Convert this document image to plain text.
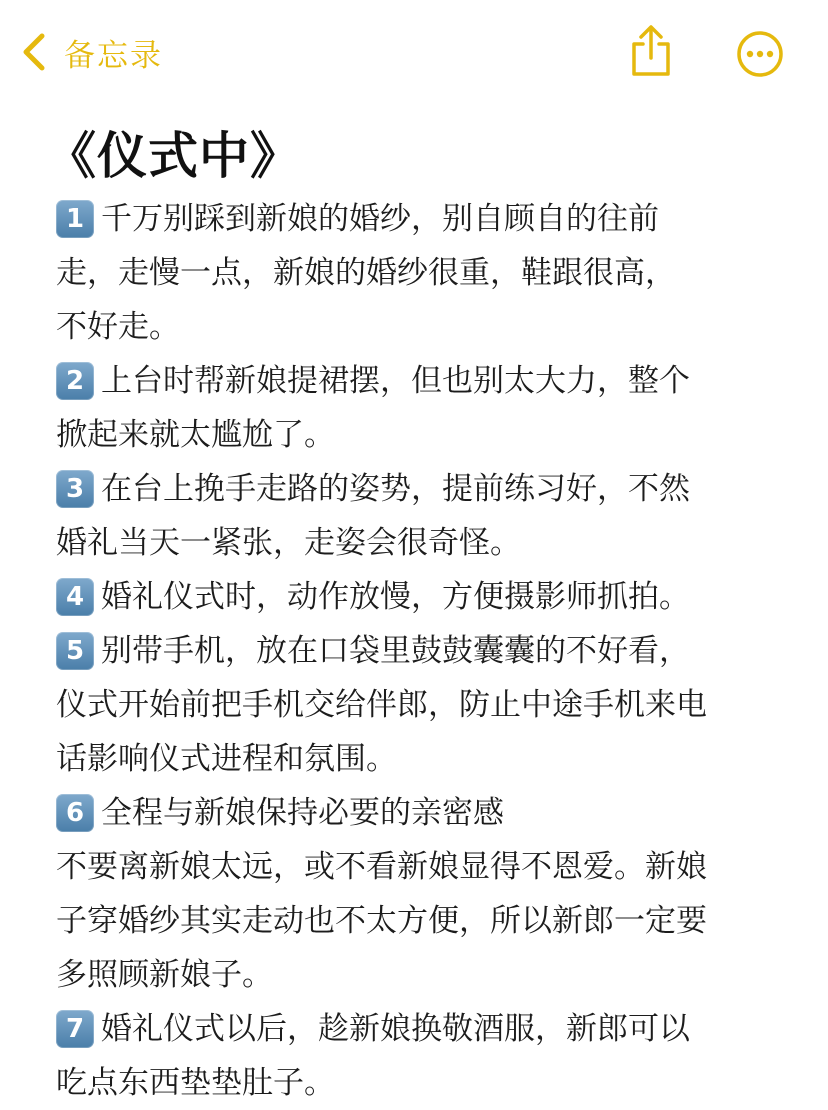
备忘录
《仪式中》
1 千万别踩到新娘的婚纱，别自顾自的往前
走，走慢一点，新娘的婚纱很重，鞋跟很高，
不好走。
2 上台时帮新娘提裙摆，但也别太大力，整个
掀起来就太尴尬了。
3 在台上挽手走路的姿势，提前练习好，不然
婚礼当天一紧张，走姿会很奇怪。
4 婚礼仪式时，动作放慢，方便摄影师抓拍。
5 别带手机，放在口袋里鼓鼓囊囊的不好看，
仪式开始前把手机交给伴郎，防止中途手机来电
话影响仪式进程和氛围。
6 全程与新娘保持必要的亲密感
不要离新娘太远，或不看新娘显得不恩爱。新娘
子穿婚纱其实走动也不太方便，所以新郎一定要
多照顾新娘子。
7 婚礼仪式以后，趁新娘换敬酒服，新郎可以
吃点东西垫垫肚子。
